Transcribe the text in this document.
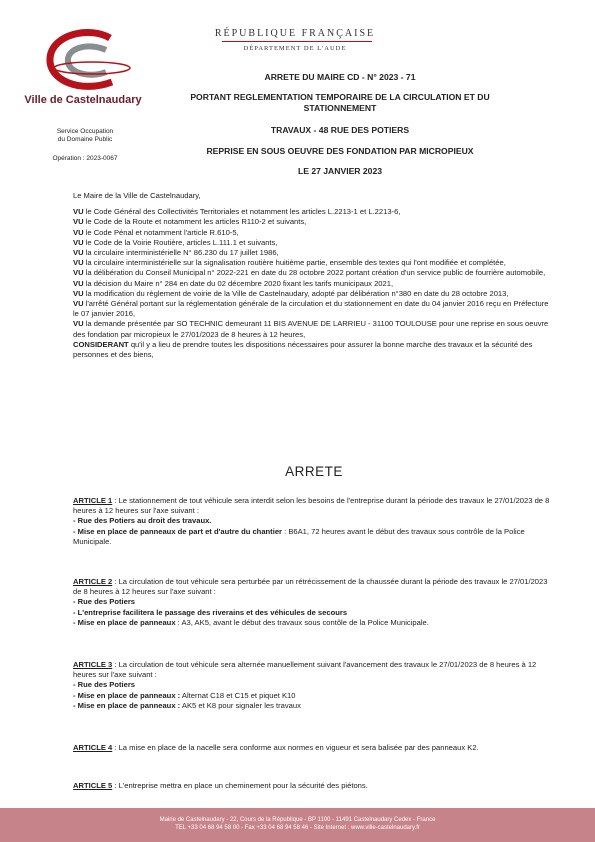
Ville de Castelnaudary
Service Occupation
du Domaine Public
Opération : 2023-0067
RÉPUBLIQUE FRANÇAISE
DÉPARTEMENT DE L'AUDE
ARRETE DU MAIRE CD - N° 2023 - 71
PORTANT REGLEMENTATION TEMPORAIRE DE LA CIRCULATION ET DU
STATIONNEMENT
TRAVAUX - 48 RUE DES POTIERS
REPRISE EN SOUS OEUVRE DES FONDATION PAR MICROPIEUX
LE 27 JANVIER 2023

Le Maire de la Ville de Castelnaudary,

VU le Code Général des Collectivités Territoriales et notamment les articles L.2213-1 et L.2213-6,

VU le Code de la Route et notamment les articles R110-2 et suivants,

VU le Code Pénal et notamment l'article R.610-5,

VU le Code de la Voirie Routière, articles L.111.1 et suivants,

VU la circulaire interministérielle N° 86.230 du 17 juillet 1986,

VU la circulaire interministérielle sur la signalisation routière huitième partie, ensemble des textes qui l'ont modifiée et complétée,

VU la délibération du Conseil Municipal n° 2022-221 en date du 28 octobre 2022 portant création d'un service public de fourrière automobile,

VU la décision du Maire n° 284 en date du 02 décembre 2020 fixant les tarifs municipaux 2021,

VU la modification du règlement de voirie de la Ville de Castelnaudary, adopté par délibération n°380 en date du 28 octobre 2013,

VU l'arrêté Général portant sur la réglementation générale de la circulation et du stationnement en date du 04 janvier 2016 reçu en Préfecture le 07 janvier 2016,

VU la demande présentée par SO TECHNIC demeurant 11 BIS AVENUE DE LARRIEU - 31100 TOULOUSE pour une reprise en sous oeuvre des fondation par micropieux le 27/01/2023 de 8 heures à 12 heures,

CONSIDERANT qu'il y a lieu de prendre toutes les dispositions nécessaires pour assurer la bonne marche des travaux et la sécurité des personnes et des biens,

ARRETE

ARTICLE 1 : Le stationnement de tout véhicule sera interdit selon les besoins de l'entreprise durant la période des travaux le 27/01/2023 de 8 heures à 12 heures sur l'axe suivant :

- Rue des Potiers au droit des travaux.

- Mise en place de panneaux de part et d'autre du chantier : B6A1, 72 heures avant le début des travaux sous contrôle de la Police Municipale.

ARTICLE 2 : La circulation de tout véhicule sera perturbée par un rétrécissement de la chaussée durant la période des travaux le 27/01/2023 de 8 heures à 12 heures sur l'axe suivant :

- Rue des Potiers

- L'entreprise facilitera le passage des riverains et des véhicules de secours

- Mise en place de panneaux : A3, AK5, avant le début des travaux sous contôle de la Police Municipale.

ARTICLE 3 : La circulation de tout véhicule sera alternée manuellement suivant l'avancement des travaux le 27/01/2023 de 8 heures à 12 heures sur l'axe suivant :

- Rue des Potiers

- Mise en place de panneaux : Alternat C18 et C15 et piquet K10

- Mise en place de panneaux : AK5 et K8 pour signaler les travaux

ARTICLE 4 : La mise en place de la nacelle sera conforme aux normes en vigueur et sera balisée par des panneaux K2.

ARTICLE 5 : L'entreprise mettra en place un cheminement pour la sécurité des piétons.

Mairie de Castelnaudary - 22, Cours de la République - BP 1100 - 11491 Castelnaudary Cedex - France
TEL +33 04 68 94 58 00 - Fax +33 04 68 94 58 46 - Site Internet : www.ville-castelnaudary.fr
